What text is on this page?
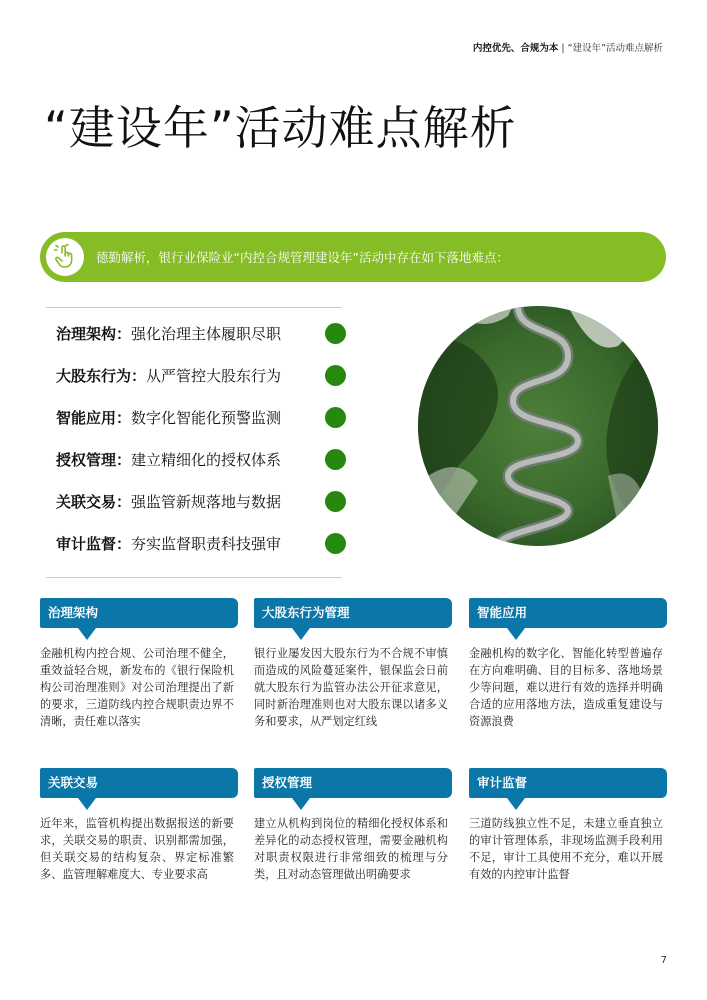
内控优先、合规为本 | “建设年”活动难点解析
“建设年”活动难点解析
德勤解析，银行业保险业“内控合规管理建设年”活动中存在如下落地难点：
治理架构：强化治理主体履职尽职
大股东行为：从严管控大股东行为
智能应用：数字化智能化预警监测
授权管理：建立精细化的授权体系
关联交易：强监管新规落地与数据
审计监督：夯实监督职责科技强审
治理架构
金融机构内控合规、公司治理不健全，重效益轻合规，新发布的《银行保险机构公司治理准则》对公司治理提出了新的要求，三道防线内控合规职责边界不清晰，责任难以落实
大股东行为管理
银行业屡发因大股东行为不合规不审慎而造成的风险蔓延案件，银保监会日前就大股东行为监管办法公开征求意见，同时新治理准则也对大股东课以诸多义务和要求，从严划定红线
智能应用
金融机构的数字化、智能化转型普遍存在方向难明确、目的目标多、落地场景少等问题，难以进行有效的选择并明确合适的应用落地方法，造成重复建设与资源浪费
关联交易
近年来，监管机构提出数据报送的新要求，关联交易的职责、识别都需加强，但关联交易的结构复杂、界定标准繁多、监管理解难度大、专业要求高
授权管理
建立从机构到岗位的精细化授权体系和差异化的动态授权管理，需要金融机构对职责权限进行非常细致的梳理与分类，且对动态管理做出明确要求
审计监督
三道防线独立性不足，未建立垂直独立的审计管理体系，非现场监测手段利用不足，审计工具使用不充分，难以开展有效的内控审计监督
7
